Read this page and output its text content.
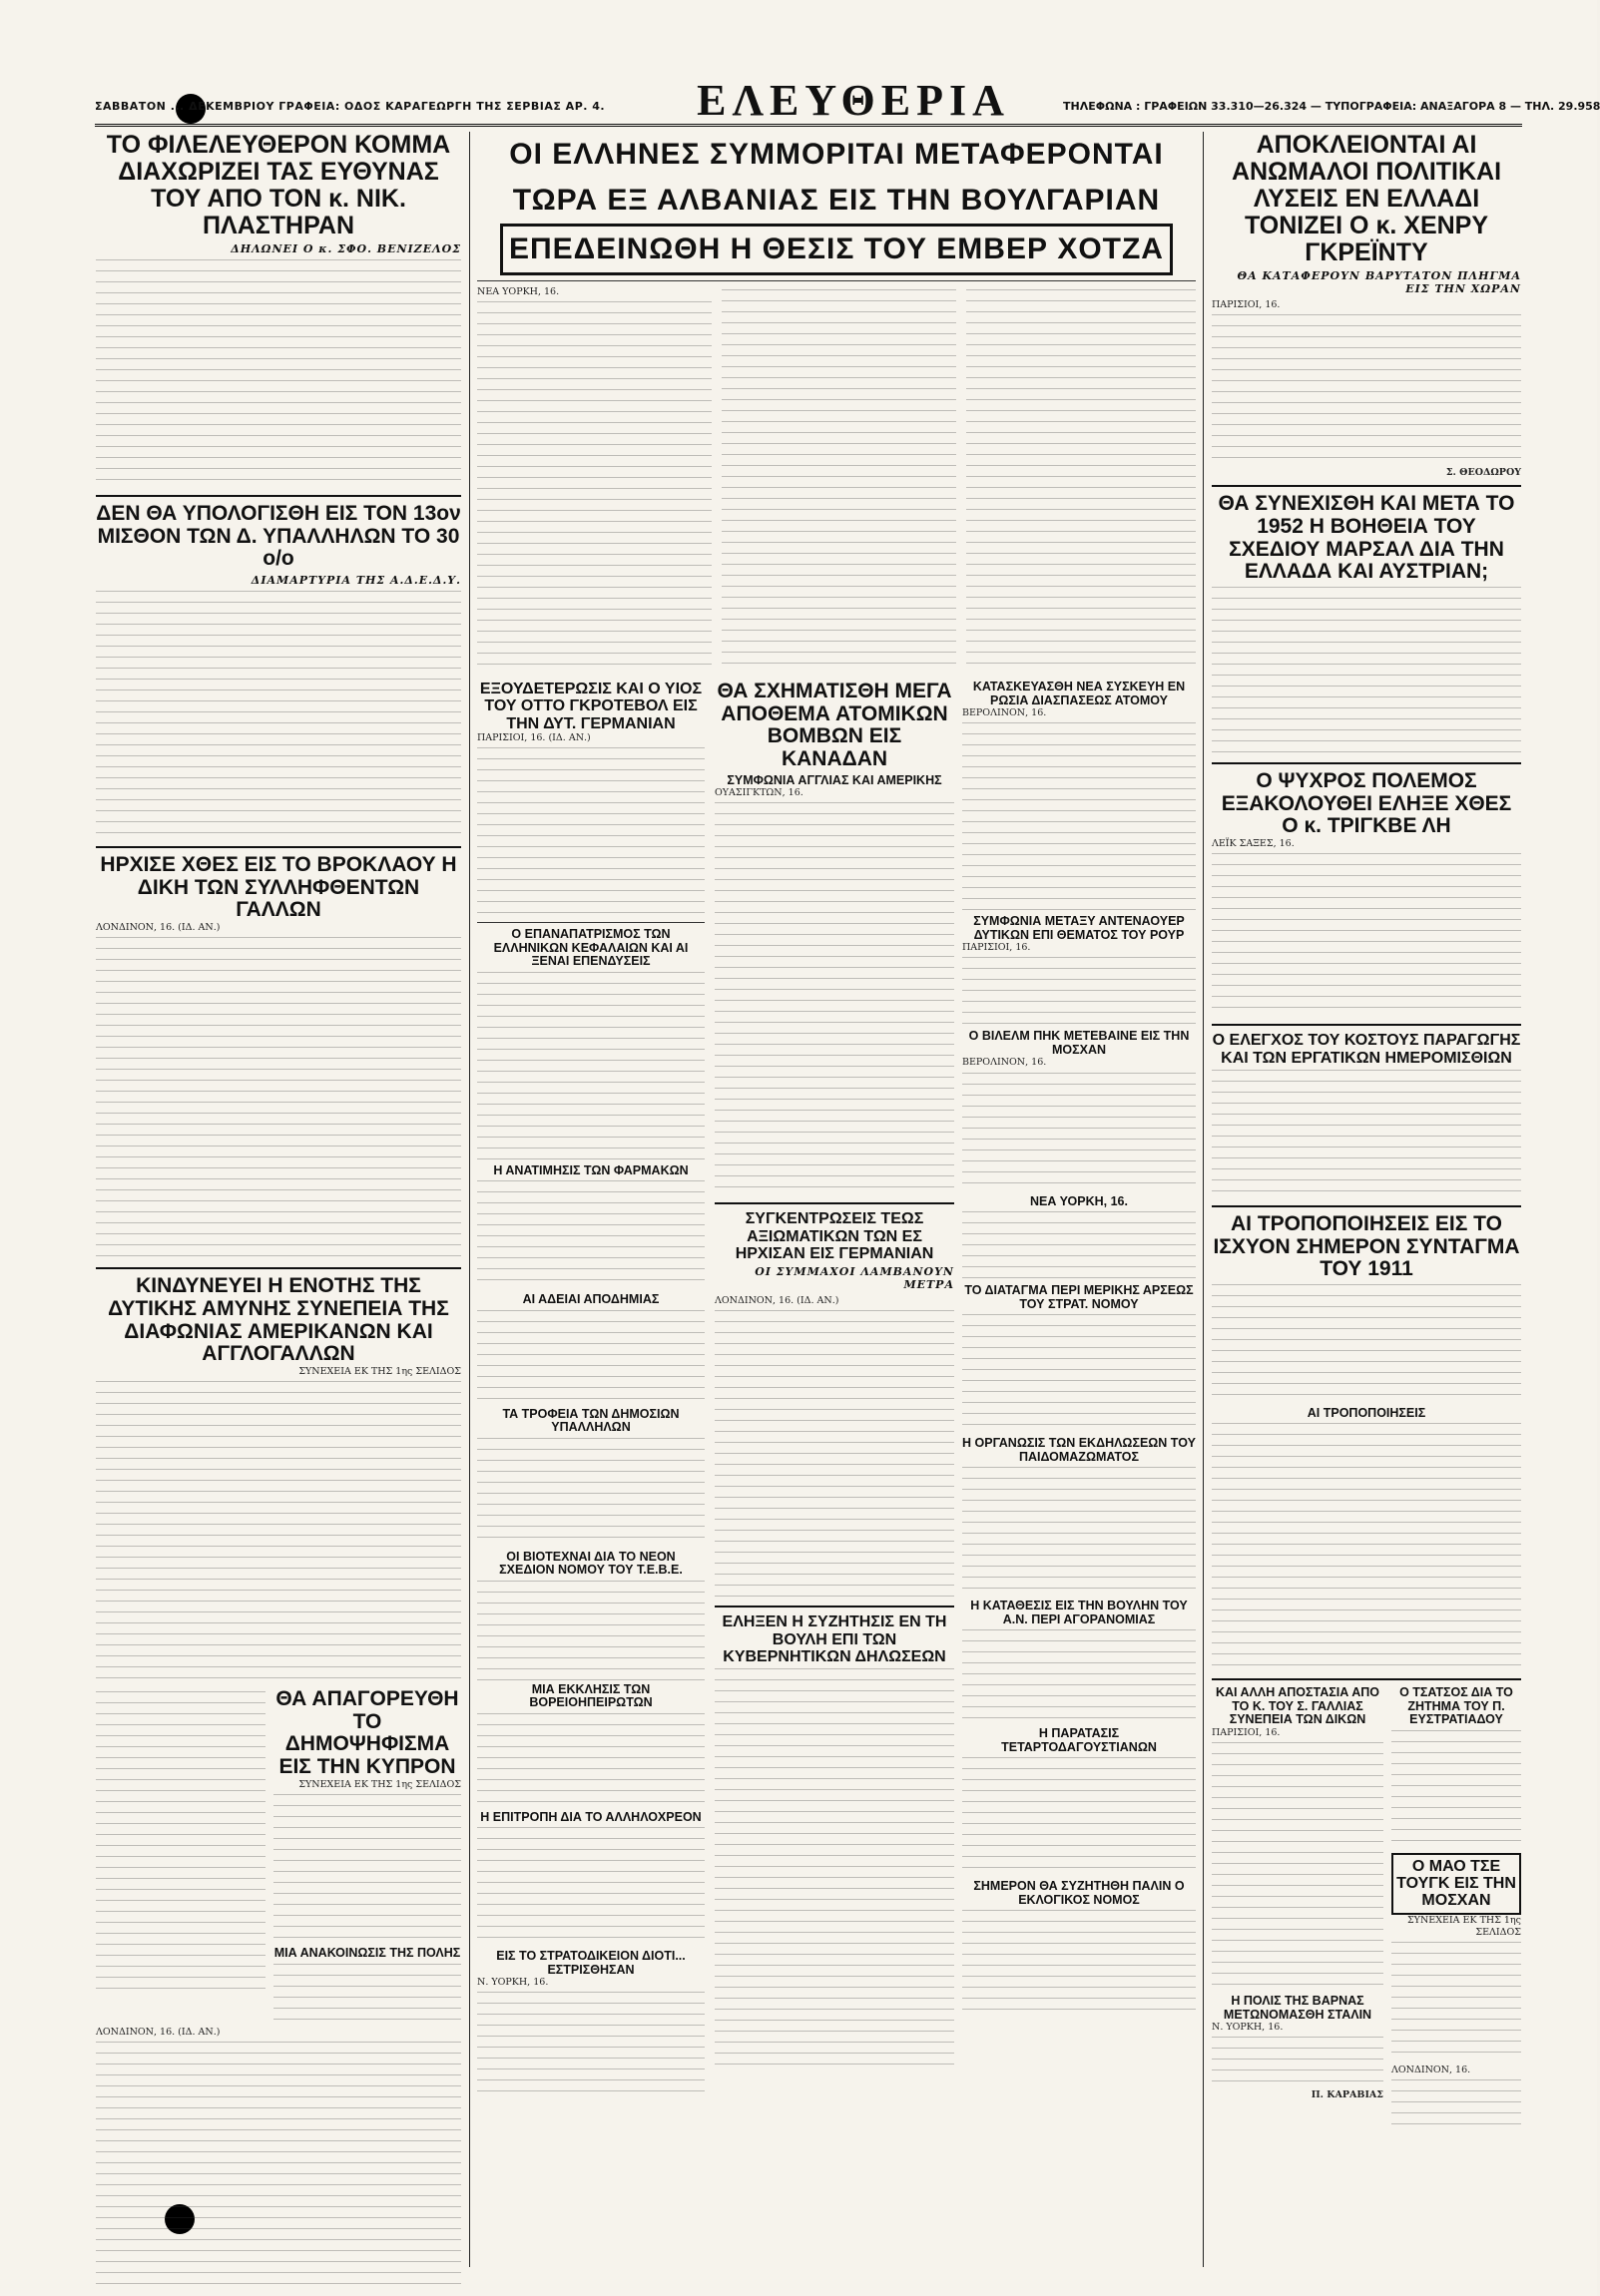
ΣΑΒΒΑΤΟΝ ... ΔΕΚΕΜΒΡΙΟΥ ΓΡΑΦΕΙΑ: ΟΔΟΣ ΚΑΡΑΓΕΩΡΓΗ ΤΗΣ ΣΕΡΒΙΑΣ ΑΡ. 4.	ΕΛΕΥΘΕΡΙΑ	ΤΗΛΕΦΩΝΑ : ΓΡΑΦΕΙΩΝ 33.310—26.324 — ΤΥΠΟΓΡΑΦΕΙΑ: ΑΝΑΞΑΓΟΡΑ 8 — ΤΗΛ. 29.958
ΤΟ ΦΙΛΕΛΕΥΘΕΡΟΝ ΚΟΜΜΑ ΔΙΑΧΩΡΙΖΕΙ ΤΑΣ ΕΥΘΥΝΑΣ ΤΟΥ ΑΠΟ ΤΟΝ κ. ΝΙΚ. ΠΛΑΣΤΗΡΑΝ
ΔΗΛΩΝΕΙ Ο κ. ΣΦΟ. ΒΕΝΙΖΕΛΟΣ
ΔΕΝ ΘΑ ΥΠΟΛΟΓΙΣΘΗ ΕΙΣ ΤΟΝ 13ον ΜΙΣΘΟΝ ΤΩΝ Δ. ΥΠΑΛΛΗΛΩΝ ΤΟ 30 ο/ο
ΔΙΑΜΑΡΤΥΡΙΑ ΤΗΣ Α.Δ.Ε.Δ.Υ.
ΗΡΧΙΣΕ ΧΘΕΣ ΕΙΣ ΤΟ ΒΡΟΚΛΑΟΥ Η ΔΙΚΗ ΤΩΝ ΣΥΛΛΗΦΘΕΝΤΩΝ ΓΑΛΛΩΝ
ΛΟΝΔΙΝΟΝ, 16. (ΙΔ. ΑΝ.)
ΚΙΝΔΥΝΕΥΕΙ Η ΕΝΟΤΗΣ ΤΗΣ ΔΥΤΙΚΗΣ ΑΜΥΝΗΣ ΣΥΝΕΠΕΙΑ ΤΗΣ ΔΙΑΦΩΝΙΑΣ ΑΜΕΡΙΚΑΝΩΝ ΚΑΙ ΑΓΓΛΟΓΑΛΛΩΝ
ΣΥΝΕΧΕΙΑ ΕΚ ΤΗΣ 1ης ΣΕΛΙΔΟΣ
ΘΑ ΑΠΑΓΟΡΕΥΘΗ ΤΟ ΔΗΜΟΨΗΦΙΣΜΑ ΕΙΣ ΤΗΝ ΚΥΠΡΟΝ
ΣΥΝΕΧΕΙΑ ΕΚ ΤΗΣ 1ης ΣΕΛΙΔΟΣ
ΜΙΑ ΑΝΑΚΟΙΝΩΣΙΣ ΤΗΣ ΠΟΛΗΣ
ΛΟΝΔΙΝΟΝ, 16. (ΙΔ. ΑΝ.)
ΟΙ ΕΛΛΗΝΕΣ ΣΥΜΜΟΡΙΤΑΙ ΜΕΤΑΦΕΡΟΝΤΑΙ
ΤΩΡΑ ΕΞ ΑΛΒΑΝΙΑΣ ΕΙΣ ΤΗΝ ΒΟΥΛΓΑΡΙΑΝ
ΕΠΕΔΕΙΝΩΘΗ Η ΘΕΣΙΣ ΤΟΥ ΕΜΒΕΡ ΧΟΤΖΑ
ΝΕΑ ΥΟΡΚΗ, 16.
ΕΞΟΥΔΕΤΕΡΩΣΙΣ ΚΑΙ Ο ΥΙΟΣ ΤΟΥ ΟΤΤΟ ΓΚΡΟΤΕΒΟΛ ΕΙΣ ΤΗΝ ΔΥΤ. ΓΕΡΜΑΝΙΑΝ
ΠΑΡΙΣΙΟΙ, 16. (ΙΔ. ΑΝ.)
Ο ΕΠΑΝΑΠΑΤΡΙΣΜΟΣ ΤΩΝ ΕΛΛΗΝΙΚΩΝ ΚΕΦΑΛΑΙΩΝ ΚΑΙ ΑΙ ΞΕΝΑΙ ΕΠΕΝΔΥΣΕΙΣ
Η ΑΝΑΤΙΜΗΣΙΣ ΤΩΝ ΦΑΡΜΑΚΩΝ
ΑΙ ΑΔΕΙΑΙ ΑΠΟΔΗΜΙΑΣ
ΤΑ ΤΡΟΦΕΙΑ ΤΩΝ ΔΗΜΟΣΙΩΝ ΥΠΑΛΛΗΛΩΝ
ΟΙ ΒΙΟΤΕΧΝΑΙ ΔΙΑ ΤΟ ΝΕΟΝ ΣΧΕΔΙΟΝ ΝΟΜΟΥ ΤΟΥ Τ.Ε.Β.Ε.
ΜΙΑ ΕΚΚΛΗΣΙΣ ΤΩΝ ΒΟΡΕΙΟΗΠΕΙΡΩΤΩΝ
Η ΕΠΙΤΡΟΠΗ ΔΙΑ ΤΟ ΑΛΛΗΛΟΧΡΕΟΝ
ΕΙΣ ΤΟ ΣΤΡΑΤΟΔΙΚΕΙΟΝ ΔΙΟΤΙ... ΕΣΤΡΙΣΘΗΣΑΝ
Ν. ΥΟΡΚΗ, 16.
ΘΑ ΣΧΗΜΑΤΙΣΘΗ ΜΕΓΑ ΑΠΟΘΕΜΑ ΑΤΟΜΙΚΩΝ ΒΟΜΒΩΝ ΕΙΣ ΚΑΝΑΔΑΝ
ΣΥΜΦΩΝΙΑ ΑΓΓΛΙΑΣ ΚΑΙ ΑΜΕΡΙΚΗΣ
ΟΥΑΣΙΓΚΤΩΝ, 16.
ΣΥΓΚΕΝΤΡΩΣΕΙΣ ΤΕΩΣ ΑΞΙΩΜΑΤΙΚΩΝ ΤΩΝ ΕΣ ΗΡΧΙΣΑΝ ΕΙΣ ΓΕΡΜΑΝΙΑΝ
ΟΙ ΣΥΜΜΑΧΟΙ ΛΑΜΒΑΝΟΥΝ ΜΕΤΡΑ
ΛΟΝΔΙΝΟΝ, 16. (ΙΔ. ΑΝ.)
ΕΛΗΞΕΝ Η ΣΥΖΗΤΗΣΙΣ ΕΝ ΤΗ ΒΟΥΛΗ ΕΠΙ ΤΩΝ ΚΥΒΕΡΝΗΤΙΚΩΝ ΔΗΛΩΣΕΩΝ
ΚΑΤΑΣΚΕΥΑΣΘΗ ΝΕΑ ΣΥΣΚΕΥΗ ΕΝ ΡΩΣΙΑ ΔΙΑΣΠΑΣΕΩΣ ΑΤΟΜΟΥ
ΒΕΡΟΛΙΝΟΝ, 16.
ΣΥΜΦΩΝΙΑ ΜΕΤΑΞΥ ΑΝΤΕΝΑΟΥΕΡ ΔΥΤΙΚΩΝ ΕΠΙ ΘΕΜΑΤΟΣ ΤΟΥ ΡΟΥΡ
ΠΑΡΙΣΙΟΙ, 16.
Ο ΒΙΛΕΛΜ ΠΗΚ ΜΕΤΕΒΑΙΝΕ ΕΙΣ ΤΗΝ ΜΟΣΧΑΝ
ΒΕΡΟΛΙΝΟΝ, 16.
ΝΕΑ ΥΟΡΚΗ, 16.
ΤΟ ΔΙΑΤΑΓΜΑ ΠΕΡΙ ΜΕΡΙΚΗΣ ΑΡΣΕΩΣ ΤΟΥ ΣΤΡΑΤ. ΝΟΜΟΥ
Η ΟΡΓΑΝΩΣΙΣ ΤΩΝ ΕΚΔΗΛΩΣΕΩΝ ΤΟΥ ΠΑΙΔΟΜΑΖΩΜΑΤΟΣ
Η ΚΑΤΑΘΕΣΙΣ ΕΙΣ ΤΗΝ ΒΟΥΛΗΝ ΤΟΥ Α.Ν. ΠΕΡΙ ΑΓΟΡΑΝΟΜΙΑΣ
Η ΠΑΡΑΤΑΣΙΣ ΤΕΤΑΡΤΟΔΑΓΟΥΣΤΙΑΝΩΝ
ΣΗΜΕΡΟΝ ΘΑ ΣΥΖΗΤΗΘΗ ΠΑΛΙΝ Ο ΕΚΛΟΓΙΚΟΣ ΝΟΜΟΣ
ΑΠΟΚΛΕΙΟΝΤΑΙ ΑΙ ΑΝΩΜΑΛΟΙ ΠΟΛΙΤΙΚΑΙ ΛΥΣΕΙΣ ΕΝ ΕΛΛΑΔΙ ΤΟΝΙΖΕΙ Ο κ. ΧΕΝΡΥ ΓΚΡΕΪΝΤΥ
ΘΑ ΚΑΤΑΦΕΡΟΥΝ ΒΑΡΥΤΑΤΟΝ ΠΛΗΓΜΑ ΕΙΣ ΤΗΝ ΧΩΡΑΝ
ΠΑΡΙΣΙΟΙ, 16.
Σ. ΘΕΟΔΩΡΟΥ
ΘΑ ΣΥΝΕΧΙΣΘΗ ΚΑΙ ΜΕΤΑ ΤΟ 1952 Η ΒΟΗΘΕΙΑ ΤΟΥ ΣΧΕΔΙΟΥ ΜΑΡΣΑΛ ΔΙΑ ΤΗΝ ΕΛΛΑΔΑ ΚΑΙ ΑΥΣΤΡΙΑΝ;
Ο ΨΥΧΡΟΣ ΠΟΛΕΜΟΣ ΕΞΑΚΟΛΟΥΘΕΙ ΕΛΗΞΕ ΧΘΕΣ Ο κ. ΤΡΙΓΚΒΕ ΛΗ
ΛΕΪΚ ΣΑΞΕΣ, 16.
Ο ΕΛΕΓΧΟΣ ΤΟΥ ΚΟΣΤΟΥΣ ΠΑΡΑΓΩΓΗΣ ΚΑΙ ΤΩΝ ΕΡΓΑΤΙΚΩΝ ΗΜΕΡΟΜΙΣΘΙΩΝ
ΑΙ ΤΡΟΠΟΠΟΙΗΣΕΙΣ ΕΙΣ ΤΟ ΙΣΧΥΟΝ ΣΗΜΕΡΟΝ ΣΥΝΤΑΓΜΑ ΤΟΥ 1911
ΑΙ ΤΡΟΠΟΠΟΙΗΣΕΙΣ
ΚΑΙ ΑΛΛΗ ΑΠΟΣΤΑΣΙΑ ΑΠΟ ΤΟ Κ. ΤΟΥ Σ. ΓΑΛΛΙΑΣ ΣΥΝΕΠΕΙΑ ΤΩΝ ΔΙΚΩΝ
ΠΑΡΙΣΙΟΙ, 16.
Η ΠΟΛΙΣ ΤΗΣ ΒΑΡΝΑΣ ΜΕΤΩΝΟΜΑΣΘΗ ΣΤΑΛΙΝ
Ν. ΥΟΡΚΗ, 16.
Π. ΚΑΡΑΒΙΑΣ
Ο ΤΣΑΤΣΟΣ ΔΙΑ ΤΟ ΖΗΤΗΜΑ ΤΟΥ Π. ΕΥΣΤΡΑΤΙΑΔΟΥ
Ο ΜΑΟ ΤΣΕ ΤΟΥΓΚ ΕΙΣ ΤΗΝ ΜΟΣΧΑΝ
ΣΥΝΕΧΕΙΑ ΕΚ ΤΗΣ 1ης ΣΕΛΙΔΟΣ
ΛΟΝΔΙΝΟΝ, 16.
